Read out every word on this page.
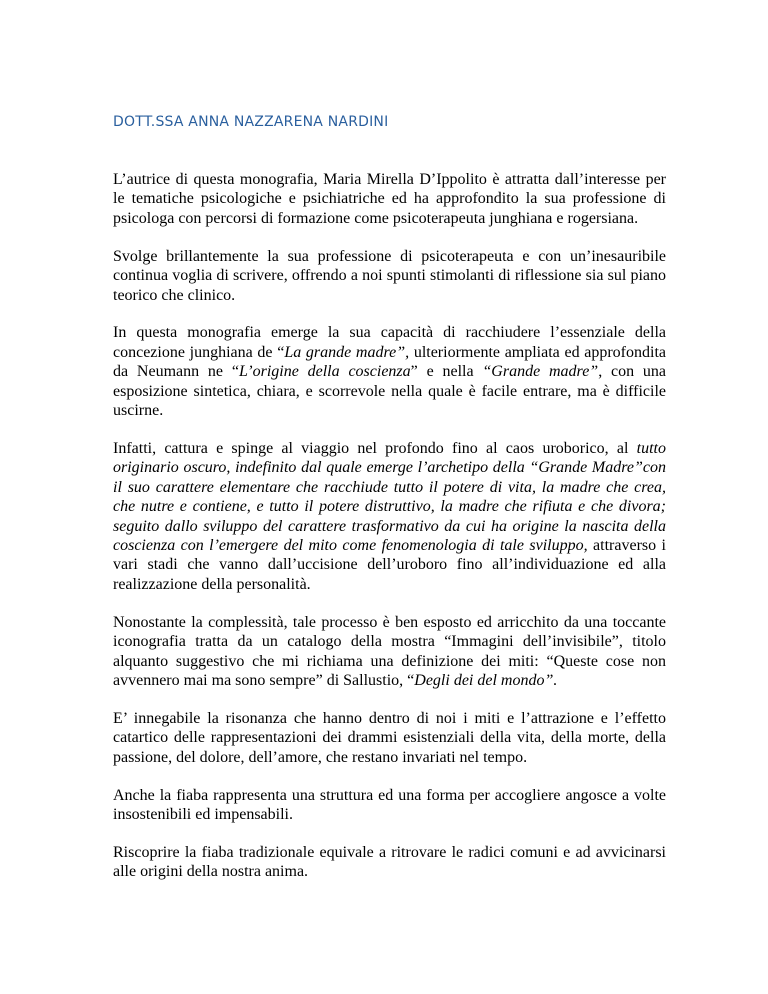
DOTT.SSA ANNA NAZZARENA NARDINI

L’autrice di questa monografia, Maria Mirella D’Ippolito è attratta dall’interesse per le tematiche psicologiche e psichiatriche ed ha approfondito la sua professione di psicologa con percorsi di formazione come psicoterapeuta junghiana e rogersiana.

Svolge brillantemente la sua professione di psicoterapeuta e con un’inesauribile continua voglia di scrivere, offrendo a noi spunti stimolanti di riflessione sia sul piano teorico che clinico.

In questa monografia emerge la sua capacità di racchiudere l’essenziale della concezione junghiana de “La grande madre”, ulteriormente ampliata ed approfondita da Neumann ne “L’origine della coscienza” e nella “Grande madre”, con una esposizione sintetica, chiara, e scorrevole nella quale è facile entrare, ma è difficile uscirne.

Infatti, cattura e spinge al viaggio nel profondo fino al caos uroborico, al tutto originario oscuro, indefinito dal quale emerge l’archetipo della “Grande Madre”con il suo carattere elementare che racchiude tutto il potere di vita, la madre che crea, che nutre e contiene, e tutto il potere distruttivo, la madre che rifiuta e che divora; seguito dallo sviluppo del carattere trasformativo da cui ha origine la nascita della coscienza con l’emergere del mito come fenomenologia di tale sviluppo, attraverso i vari stadi che vanno dall’uccisione dell’uroboro fino all’individuazione ed alla realizzazione della personalità.

Nonostante la complessità, tale processo è ben esposto ed arricchito da una toccante iconografia tratta da un catalogo della mostra “Immagini dell’invisibile”, titolo alquanto suggestivo che mi richiama una definizione dei miti: “Queste cose non avvennero mai ma sono sempre” di Sallustio, “Degli dei del mondo”.

E’ innegabile la risonanza che hanno dentro di noi i miti e l’attrazione e l’effetto catartico delle rappresentazioni dei drammi esistenziali della vita, della morte, della passione, del dolore, dell’amore, che restano invariati nel tempo.

Anche la fiaba rappresenta una struttura ed una forma per accogliere angosce a volte insostenibili ed impensabili.

Riscoprire la fiaba tradizionale equivale a ritrovare le radici comuni e ad avvicinarsi alle origini della nostra anima.
